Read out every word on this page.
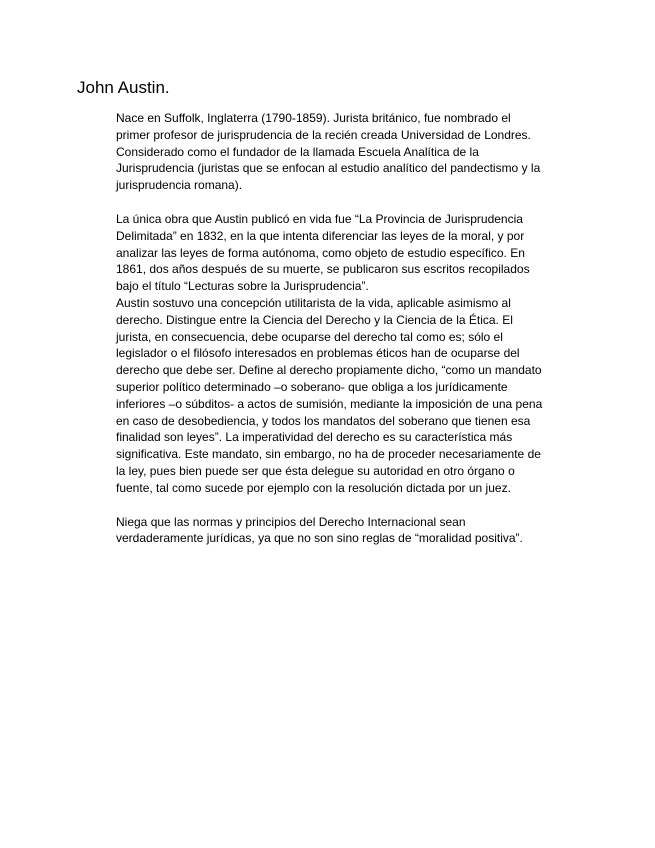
John Austin.

Nace en Suffolk, Inglaterra (1790-1859). Jurista británico, fue nombrado el
primer profesor de jurisprudencia de la recién creada Universidad de Londres.
Considerado como el fundador de la llamada Escuela Analítica de la
Jurisprudencia (juristas que se enfocan al estudio analítico del pandectismo y la
jurisprudencia romana).

La única obra que Austin publicó en vida fue “La Provincia de Jurisprudencia
Delimitada” en 1832, en la que intenta diferenciar las leyes de la moral, y por
analizar las leyes de forma autónoma, como objeto de estudio específico. En
1861, dos años después de su muerte, se publicaron sus escritos recopilados
bajo el título “Lecturas sobre la Jurisprudencia”.

Austin sostuvo una concepción utilitarista de la vida, aplicable asimismo al
derecho. Distingue entre la Ciencia del Derecho y la Ciencia de la Ética. El
jurista, en consecuencia, debe ocuparse del derecho tal como es; sólo el
legislador o el filósofo interesados en problemas éticos han de ocuparse del
derecho que debe ser. Define al derecho propiamente dicho, “como un mandato
superior político determinado –o soberano- que obliga a los jurídicamente
inferiores –o súbditos- a actos de sumisión, mediante la imposición de una pena
en caso de desobediencia, y todos los mandatos del soberano que tienen esa
finalidad son leyes”. La imperatividad del derecho es su característica más
significativa. Este mandato, sin embargo, no ha de proceder necesariamente de
la ley, pues bien puede ser que ésta delegue su autoridad en otro órgano o
fuente, tal como sucede por ejemplo con la resolución dictada por un juez.

Niega que las normas y principios del Derecho Internacional sean
verdaderamente jurídicas, ya que no son sino reglas de “moralidad positiva”.
